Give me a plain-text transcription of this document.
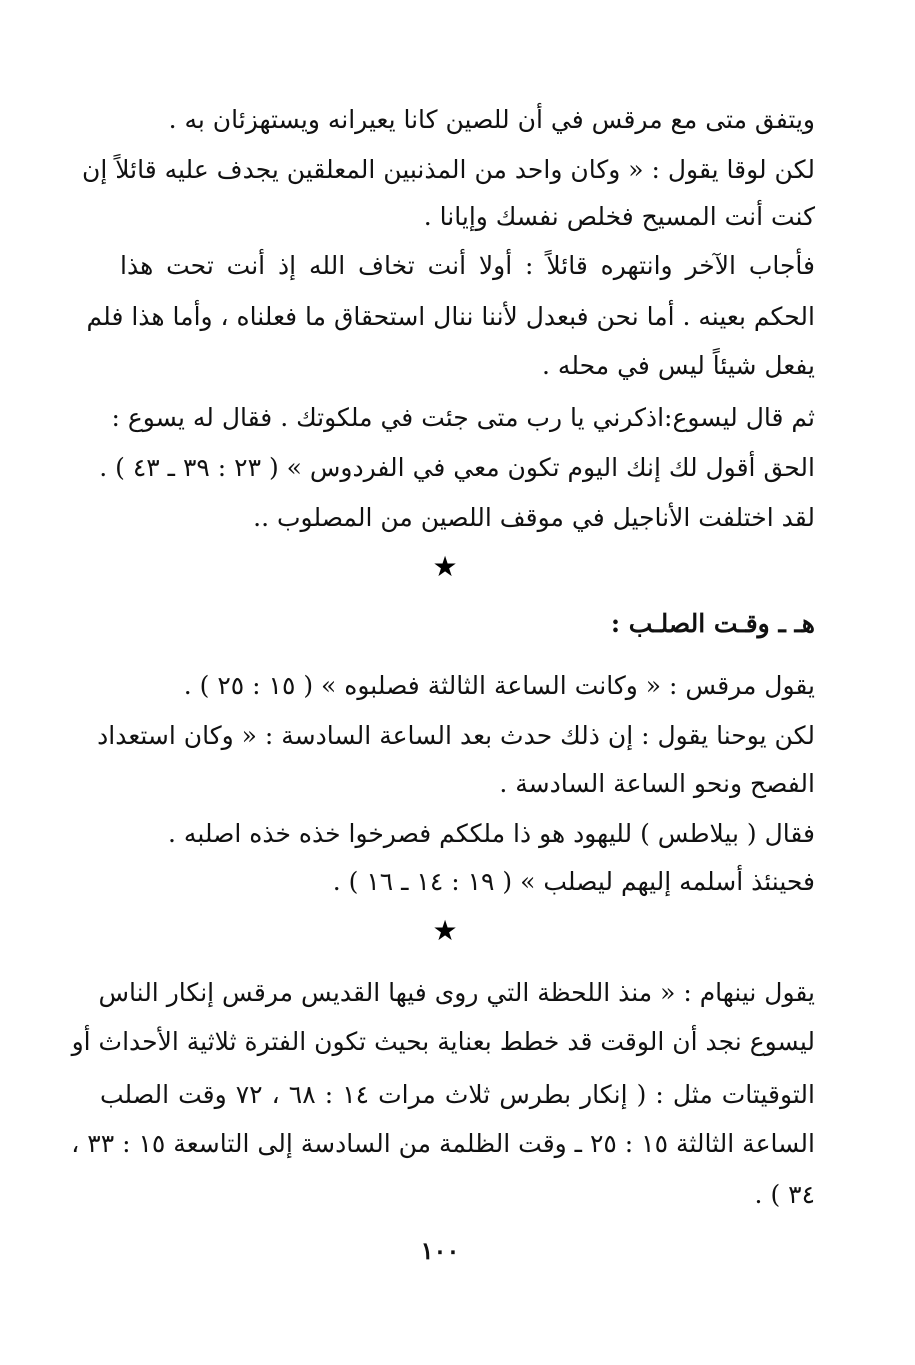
ويتفق متى مع مرقس في أن للصين كانا يعيرانه ويستهزئان به .
لكن لوقا يقول : « وكان واحد من المذنبين المعلقين يجدف عليه قائلاً إن
كنت أنت المسيح فخلص نفسك وإيانا .
فأجاب الآخر وانتهره قائلاً : أولا أنت تخاف الله إذ أنت تحت هذا
الحكم بعينه . أما نحن فبعدل لأننا ننال استحقاق ما فعلناه ، وأما هذا فلم
يفعل شيئاً ليس في محله .
ثم قال ليسوع:اذكرني يا رب متى جئت في ملكوتك . فقال له يسوع :
الحق أقول لك إنك اليوم تكون معي في الفردوس » ( ٢٣ : ٣٩ ـ ٤٣ ) .
لقد اختلفت الأناجيل في موقف اللصين من المصلوب ..
★
هـ ـ وقـت الصلـب :
يقول مرقس : « وكانت الساعة الثالثة فصلبوه » ( ١٥ : ٢٥ ) .
لكن يوحنا يقول : إن ذلك حدث بعد الساعة السادسة : « وكان استعداد
الفصح ونحو الساعة السادسة .
فقال ( بيلاطس ) لليهود هو ذا ملككم فصرخوا خذه خذه اصلبه .
فحينئذ أسلمه إليهم ليصلب » ( ١٩ : ١٤ ـ ١٦ ) .
★
يقول نينهام : « منذ اللحظة التي روى فيها القديس مرقس إنكار الناس
ليسوع نجد أن الوقت قد خطط بعناية بحيث تكون الفترة ثلاثية الأحداث أو
التوقيتات مثل : ( إنكار بطرس ثلاث مرات ١٤ : ٦٨ ، ٧٢ وقت الصلب
الساعة الثالثة ١٥ : ٢٥ ـ وقت الظلمة من السادسة إلى التاسعة ١٥ : ٣٣ ،
٣٤ ) .
١٠٠
